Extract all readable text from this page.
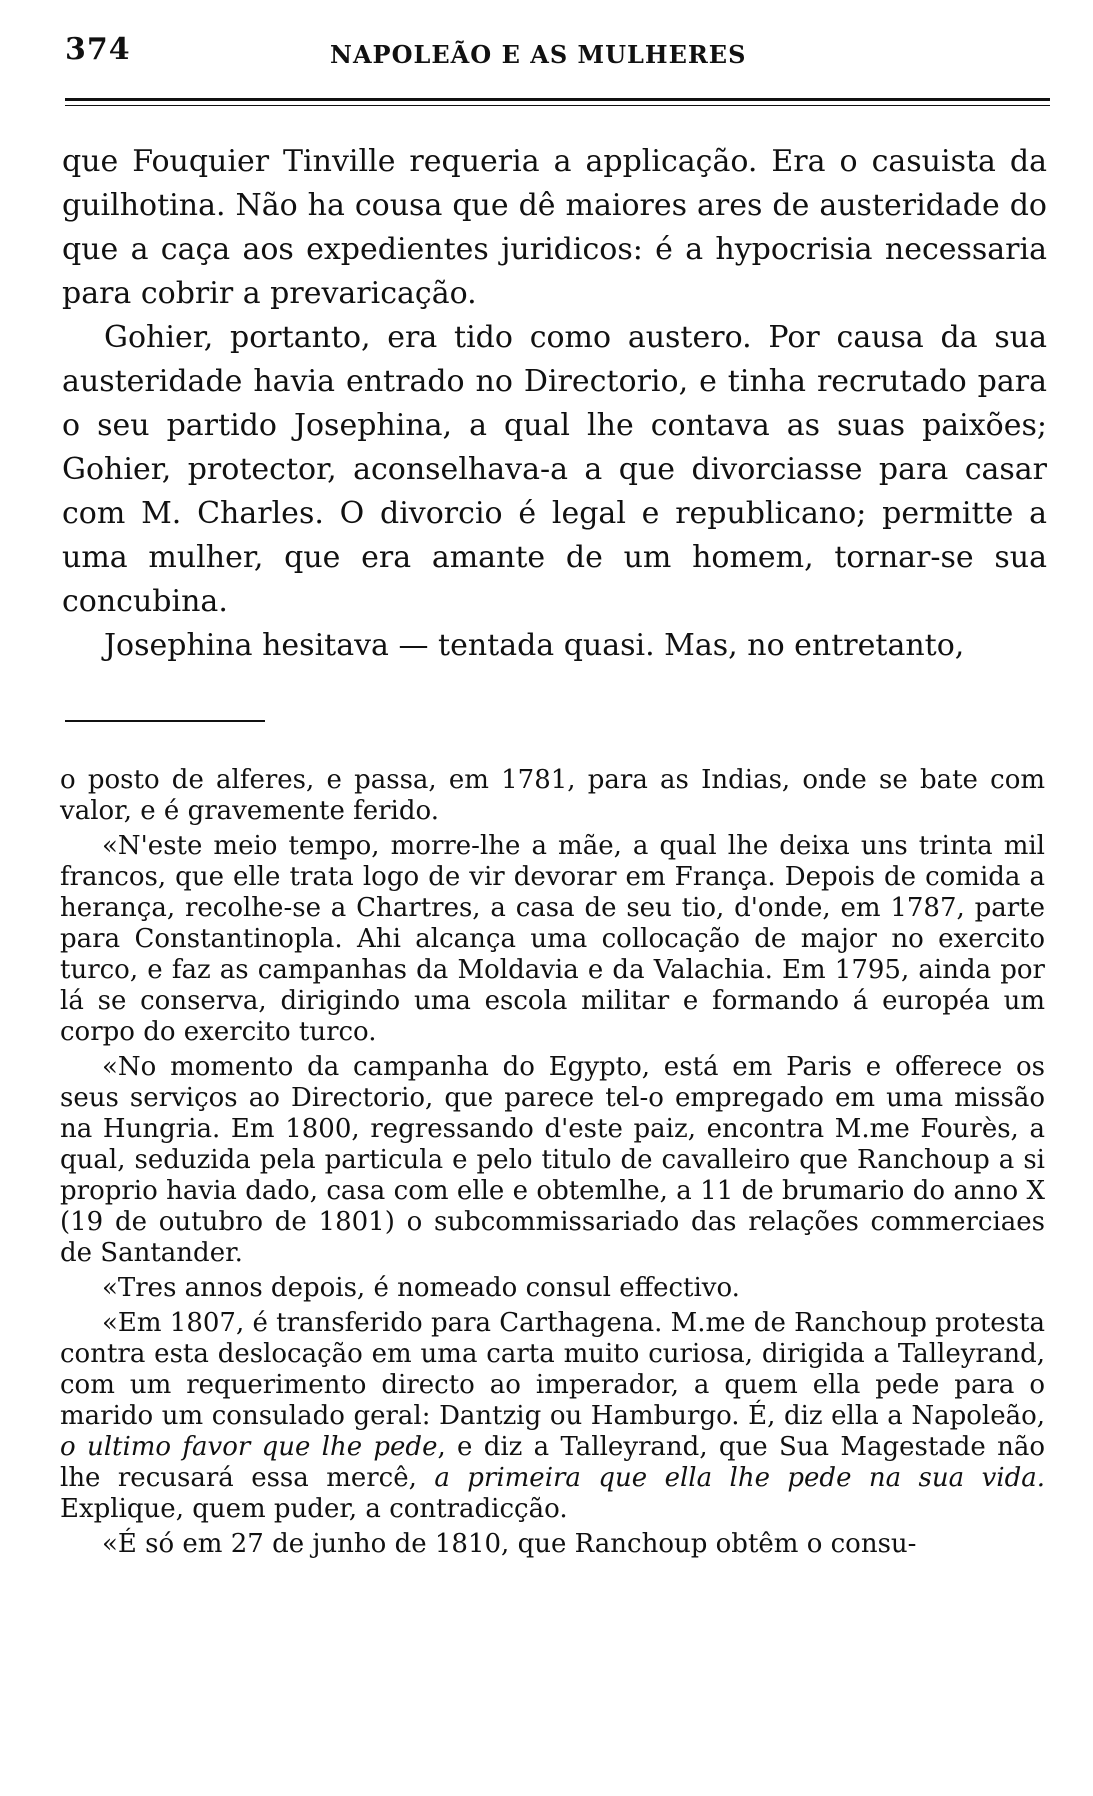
374	NAPOLEÃO E AS MULHERES

que Fouquier Tinville requeria a applicação. Era o casuista da guilhotina. Não ha cousa que dê maiores ares de austeridade do que a caça aos expedientes juridicos: é a hypocrisia necessaria para cobrir a prevaricação.

Gohier, portanto, era tido como austero. Por causa da sua austeridade havia entrado no Directorio, e tinha recrutado para o seu partido Josephina, a qual lhe contava as suas paixões; Gohier, protector, aconselhava-a a que divorciasse para casar com M. Charles. O divorcio é legal e republicano; permitte a uma mulher, que era amante de um homem, tornar-se sua concubina.

Josephina hesitava — tentada quasi. Mas, no entretanto,

o posto de alferes, e passa, em 1781, para as Indias, onde se bate com valor, e é gravemente ferido.

«N'este meio tempo, morre-lhe a mãe, a qual lhe deixa uns trinta mil francos, que elle trata logo de vir devorar em França. Depois de comida a herança, recolhe-se a Chartres, a casa de seu tio, d'onde, em 1787, parte para Constantinopla. Ahi alcança uma collocação de major no exercito turco, e faz as campanhas da Moldavia e da Valachia. Em 1795, ainda por lá se conserva, dirigindo uma escola militar e formando á européa um corpo do exercito turco.

«No momento da campanha do Egypto, está em Paris e offerece os seus serviços ao Directorio, que parece tel-o empregado em uma missão na Hungria. Em 1800, regressando d'este paiz, encontra M.me Fourès, a qual, seduzida pela particula e pelo titulo de cavalleiro que Ranchoup a si proprio havia dado, casa com elle e obtemlhe, a 11 de brumario do anno X (19 de outubro de 1801) o subcommissariado das relações commerciaes de Santander.

«Tres annos depois, é nomeado consul effectivo.

«Em 1807, é transferido para Carthagena. M.me de Ranchoup protesta contra esta deslocação em uma carta muito curiosa, dirigida a Talleyrand, com um requerimento directo ao imperador, a quem ella pede para o marido um consulado geral: Dantzig ou Hamburgo. É, diz ella a Napoleão, o ultimo favor que lhe pede, e diz a Talleyrand, que Sua Magestade não lhe recusará essa mercê, a primeira que ella lhe pede na sua vida. Explique, quem puder, a contradicção.

«É só em 27 de junho de 1810, que Ranchoup obtêm o consu-
